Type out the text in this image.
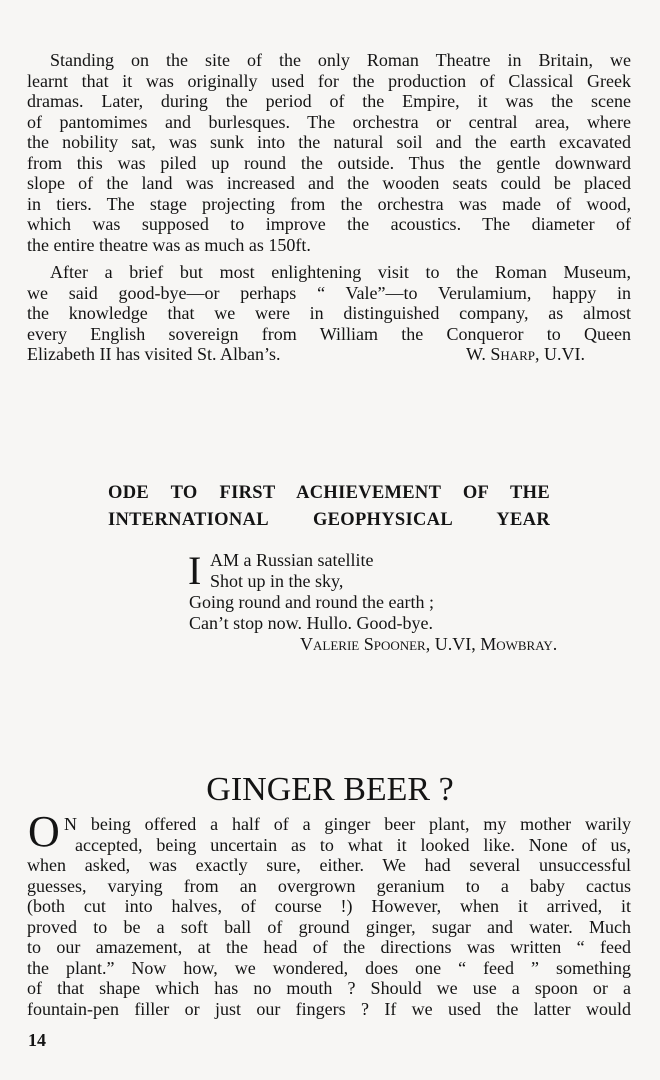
Standing on the site of the only Roman Theatre in Britain, we
learnt that it was originally used for the production of Classical Greek
dramas. Later, during the period of the Empire, it was the scene
of pantomimes and burlesques. The orchestra or central area, where
the nobility sat, was sunk into the natural soil and the earth excavated
from this was piled up round the outside. Thus the gentle downward
slope of the land was increased and the wooden seats could be placed
in tiers. The stage projecting from the orchestra was made of wood,
which was supposed to improve the acoustics. The diameter of
the entire theatre was as much as 150ft.
After a brief but most enlightening visit to the Roman Museum,
we said good-bye—or perhaps “ Vale”—to Verulamium, happy in
the knowledge that we were in distinguished company, as almost
every English sovereign from William the Conqueror to Queen
Elizabeth II has visited St. Alban’s.	W. Sharp, U.VI.
ODE TO FIRST ACHIEVEMENT OF THE
INTERNATIONAL GEOPHYSICAL YEAR
I AM a Russian satellite
Shot up in the sky,
Going round and round the earth ;
Can’t stop now. Hullo. Good-bye.
Valerie Spooner, U.VI, Mowbray.
GINGER BEER ?
O N being offered a half of a ginger beer plant, my mother warily
accepted, being uncertain as to what it looked like. None of us,
when asked, was exactly sure, either. We had several unsuccessful
guesses, varying from an overgrown geranium to a baby cactus
(both cut into halves, of course !) However, when it arrived, it
proved to be a soft ball of ground ginger, sugar and water. Much
to our amazement, at the head of the directions was written “ feed
the plant.” Now how, we wondered, does one “ feed ” something
of that shape which has no mouth ? Should we use a spoon or a
fountain-pen filler or just our fingers ? If we used the latter would
14
